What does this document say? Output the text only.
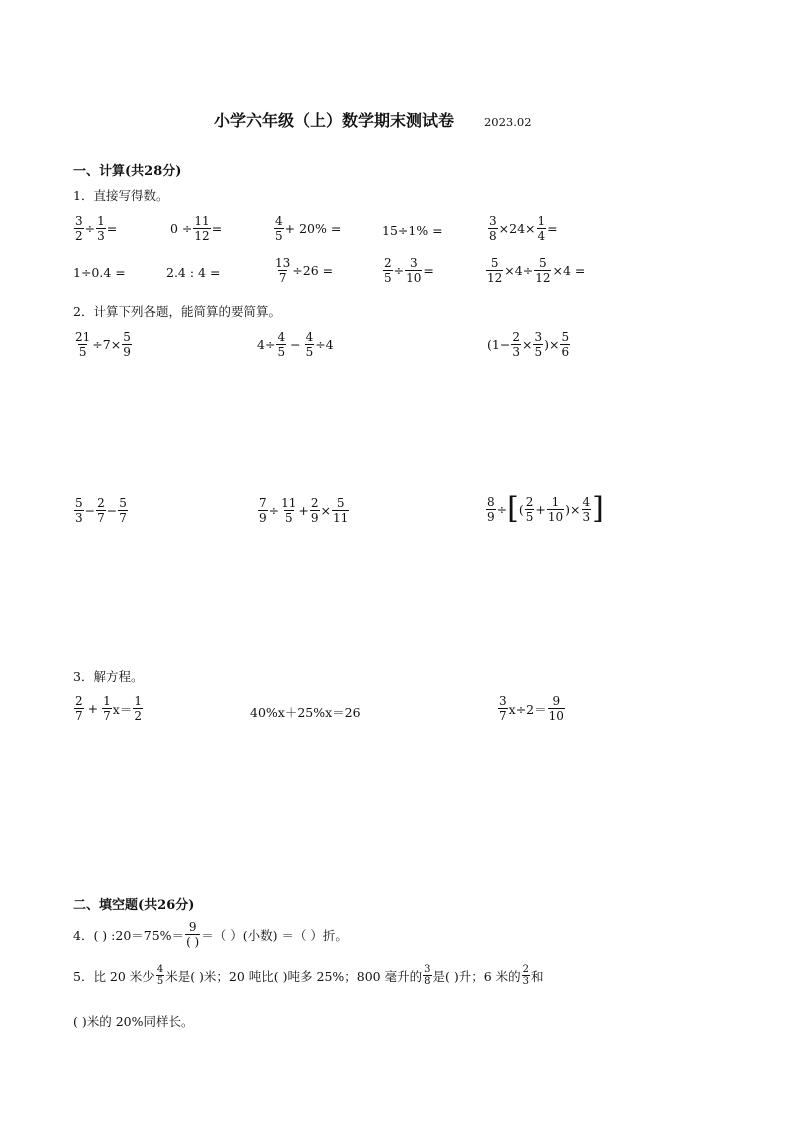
小学六年级（上）数学期末测试卷	2023.02
一、计算(共28分)
1．直接写得数。
$\frac{3}{2} \div \frac{1}{3}$ =	$0 \div \frac{11}{12}$ =	$\frac{4}{5} + 20\%$ =	15÷1% =	$\frac{3}{8} \times 24\times \frac{1}{4}$ =
1÷0.4 =	2.4 : 4 =	$\frac{13}{7} \div 26$ =	$\frac{2}{5} \div \frac{3}{10}$ =	$\frac{5}{12} \times 4\div \frac{5}{12} \times 4$ =
2．计算下列各题，能简算的要简算。
$\frac{21}{5} \div 7\times \frac{5}{9}$	$4\div \frac{4}{5} - \frac{4}{5} \div 4$	($1- \frac{2}{3} \times \frac{3}{5}$ )× $\frac{5}{6}$
$\frac{5}{3} - \frac{2}{7} - \frac{5}{7}$	$\frac{7}{9} \div \frac{11}{5} + \frac{2}{9} \times \frac{5}{11}$	$\frac{8}{9}$ ÷ [ ( $\frac{2}{5} + \frac{1}{10}$ )× $\frac{4}{3}$ ]
3．解方程。
$\frac{2}{7} + \frac{1}{7} x= \frac{1}{2}$	40%x＋25%x＝26	$\frac{3}{7} x\div 2= \frac{9}{10}$
二、填空题(共26分)
4．( ) :20＝75%＝ $\frac{9}{( )}$ ＝（ ）(小数) ＝（ ）折。
5．比 20 米少 $\frac{4}{5}$ 米是( )米；20 吨比( )吨多 25%；800 毫升的 $\frac{3}{8}$ 是( )升；6 米的 $\frac{2}{3}$ 和
( )米的 20%同样长。
